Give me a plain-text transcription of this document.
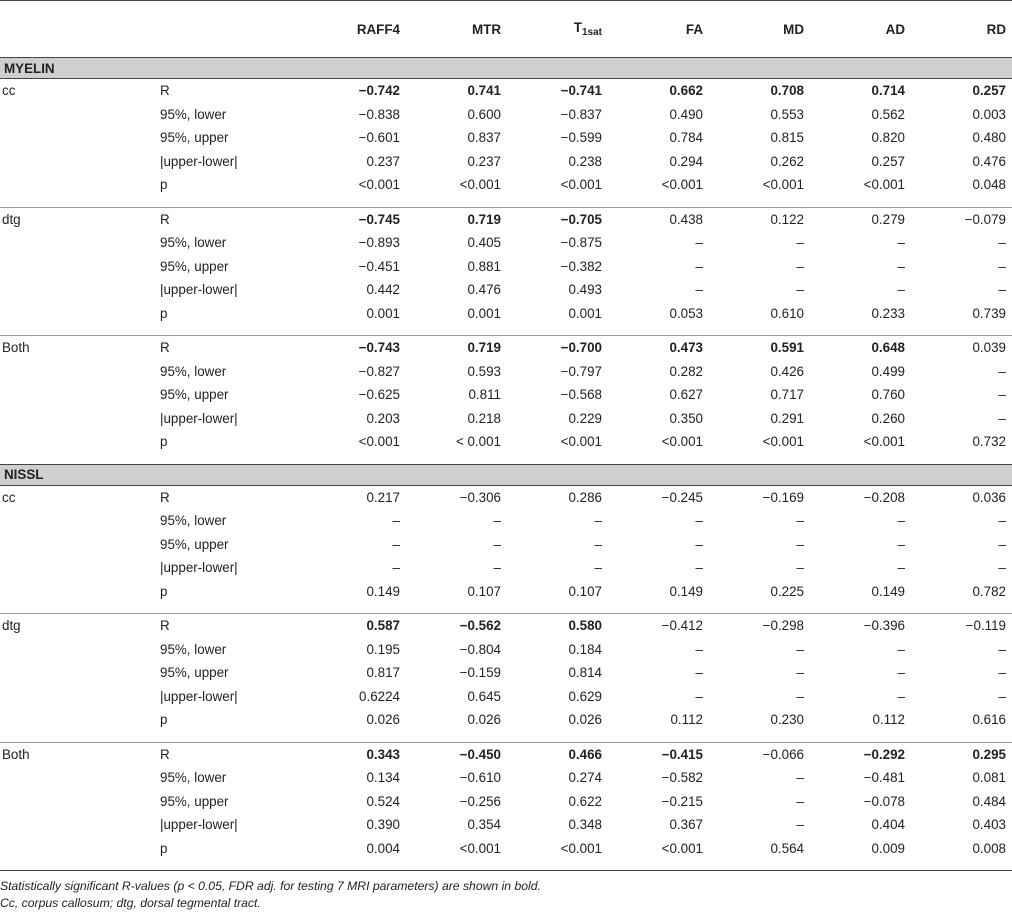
		RAFF4	MTR	$T_{1sat}$	FA	MD	AD	RD
MYELIN								
cc	R	−0.742	0.741	−0.741	0.662	0.708	0.714	0.257
	95%, lower	−0.838	0.600	−0.837	0.490	0.553	0.562	0.003
	95%, upper	−0.601	0.837	−0.599	0.784	0.815	0.820	0.480
	|upper-lower|	0.237	0.237	0.238	0.294	0.262	0.257	0.476
	p	<0.001	<0.001	<0.001	<0.001	<0.001	<0.001	0.048

dtg	R	−0.745	0.719	−0.705	0.438	0.122	0.279	−0.079
	95%, lower	−0.893	0.405	−0.875	–	–	–	–
	95%, upper	−0.451	0.881	−0.382	–	–	–	–
	|upper-lower|	0.442	0.476	0.493	–	–	–	–
	p	0.001	0.001	0.001	0.053	0.610	0.233	0.739

Both	R	−0.743	0.719	−0.700	0.473	0.591	0.648	0.039
	95%, lower	−0.827	0.593	−0.797	0.282	0.426	0.499	–
	95%, upper	−0.625	0.811	−0.568	0.627	0.717	0.760	–
	|upper-lower|	0.203	0.218	0.229	0.350	0.291	0.260	–
	p	<0.001	< 0.001	<0.001	<0.001	<0.001	<0.001	0.732

NISSL								
cc	R	0.217	−0.306	0.286	−0.245	−0.169	−0.208	0.036
	95%, lower	–	–	–	–	–	–	–
	95%, upper	–	–	–	–	–	–	–
	|upper-lower|	–	–	–	–	–	–	–
	p	0.149	0.107	0.107	0.149	0.225	0.149	0.782

dtg	R	0.587	−0.562	0.580	−0.412	−0.298	−0.396	−0.119
	95%, lower	0.195	−0.804	0.184	–	–	–	–
	95%, upper	0.817	−0.159	0.814	–	–	–	–
	|upper-lower|	0.6224	0.645	0.629	–	–	–	–
	p	0.026	0.026	0.026	0.112	0.230	0.112	0.616

Both	R	0.343	−0.450	0.466	−0.415	−0.066	−0.292	0.295
	95%, lower	0.134	−0.610	0.274	−0.582	–	−0.481	0.081
	95%, upper	0.524	−0.256	0.622	−0.215	–	−0.078	0.484
	|upper-lower|	0.390	0.354	0.348	0.367	–	0.404	0.403
	p	0.004	<0.001	<0.001	<0.001	0.564	0.009	0.008

Statistically significant R-values (p < 0.05, FDR adj. for testing 7 MRI parameters) are shown in bold.

Cc, corpus callosum; dtg, dorsal tegmental tract.
